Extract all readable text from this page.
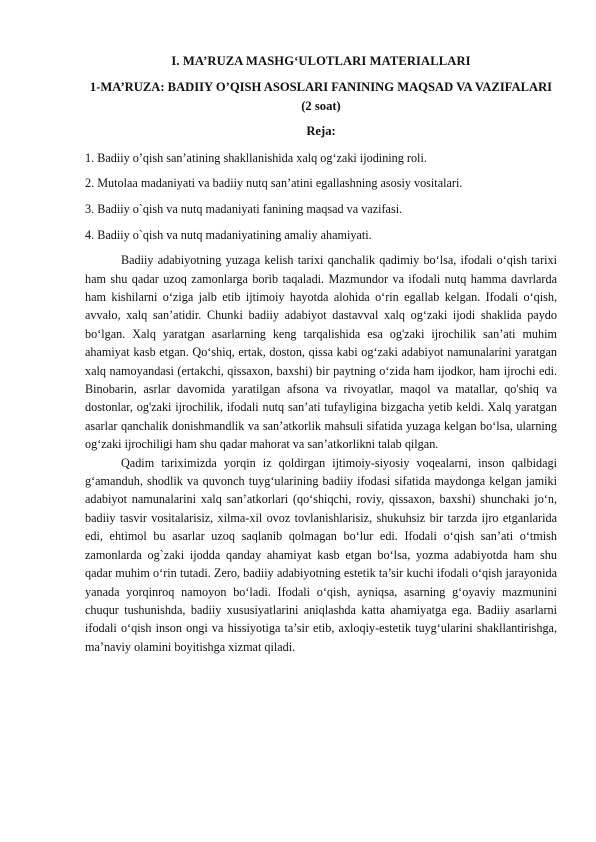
I. MA’RUZA MASHG‘ULOTLARI MATERIALLARI
1-MA’RUZA: BADIIY O’QISH ASOSLARI FANINING MAQSAD VA VAZIFALARI (2 soat)
Reja:
1. Badiiy o’qish san’atining shakllanishida xalq og‘zaki ijodining roli.
2. Mutolaa madaniyati va badiiy nutq san’atini egallashning asosiy vositalari.
3. Badiiy o`qish va nutq madaniyati fanining maqsad va vazifasi.
4. Badiiy o`qish va nutq madaniyatining amaliy ahamiyati.

Badiiy adabiyotning yuzaga kelish tarixi qanchalik qadimiy bo‘lsa, ifodali o‘qish tarixi ham shu qadar uzoq zamonlarga borib taqaladi. Mazmundor va ifodali nutq hamma davrlarda ham kishilarni o‘ziga jalb etib ijtimoiy hayotda alohida o‘rin egallab kelgan. Ifodali o‘qish, avvalo, xalq san’atidir. Chunki badiiy adabiyot dastavval xalq og‘zaki ijodi shaklida paydo bo‘lgan. Xalq yaratgan asarlarning keng tarqalishida esa og'zaki ijrochilik san’ati muhim ahamiyat kasb etgan. Qo‘shiq, ertak, doston, qissa kabi og‘zaki adabiyot namunalarini yaratgan xalq namoyandasi (ertakchi, qissaxon, baxshi) bir paytning o‘zida ham ijodkor, ham ijrochi edi. Binobarin, asrlar davomida yaratilgan afsona va rivoyatlar, maqol va matallar, qo'shiq va dostonlar, og'zaki ijrochilik, ifodali nutq san’ati tufayligina bizgacha yetib keldi. Xalq yaratgan asarlar qanchalik donishmandlik va san’atkorlik mahsuli sifatida yuzaga kelgan bo‘lsa, ularning og‘zaki ijrochiligi ham shu qadar mahorat va san’atkorlikni talab qilgan.

Qadim tariximizda yorqin iz qoldirgan ijtimoiy-siyosiy voqealarni, inson qalbidagi g‘amanduh, shodlik va quvonch tuyg‘ularining badiiy ifodasi sifatida maydonga kelgan jamiki adabiyot namunalarini xalq san’atkorlari (qo‘shiqchi, roviy, qissaxon, baxshi) shunchaki jo‘n, badiiy tasvir vositalarisiz, xilma-xil ovoz tovlanishlarisiz, shukuhsiz bir tarzda ijro etganlarida edi, ehtimol bu asarlar uzoq saqlanib qolmagan bo‘lur edi. Ifodali o‘qish san’ati o‘tmish zamonlarda og`zaki ijodda qanday ahamiyat kasb etgan bo‘lsa, yozma adabiyotda ham shu qadar muhim o‘rin tutadi. Zero, badiiy adabiyotning estetik ta’sir kuchi ifodali o‘qish jarayonida yanada yorqinroq namoyon bo‘ladi. Ifodali o‘qish, ayniqsa, asarning g‘oyaviy mazmunini chuqur tushunishda, badiiy xususiyatlarini aniqlashda katta ahamiyatga ega. Badiiy asarlarni ifodali o‘qish inson ongi va hissiyotiga ta’sir etib, axloqiy-estetik tuyg‘ularini shakllantirishga, ma’naviy olamini boyitishga xizmat qiladi.
